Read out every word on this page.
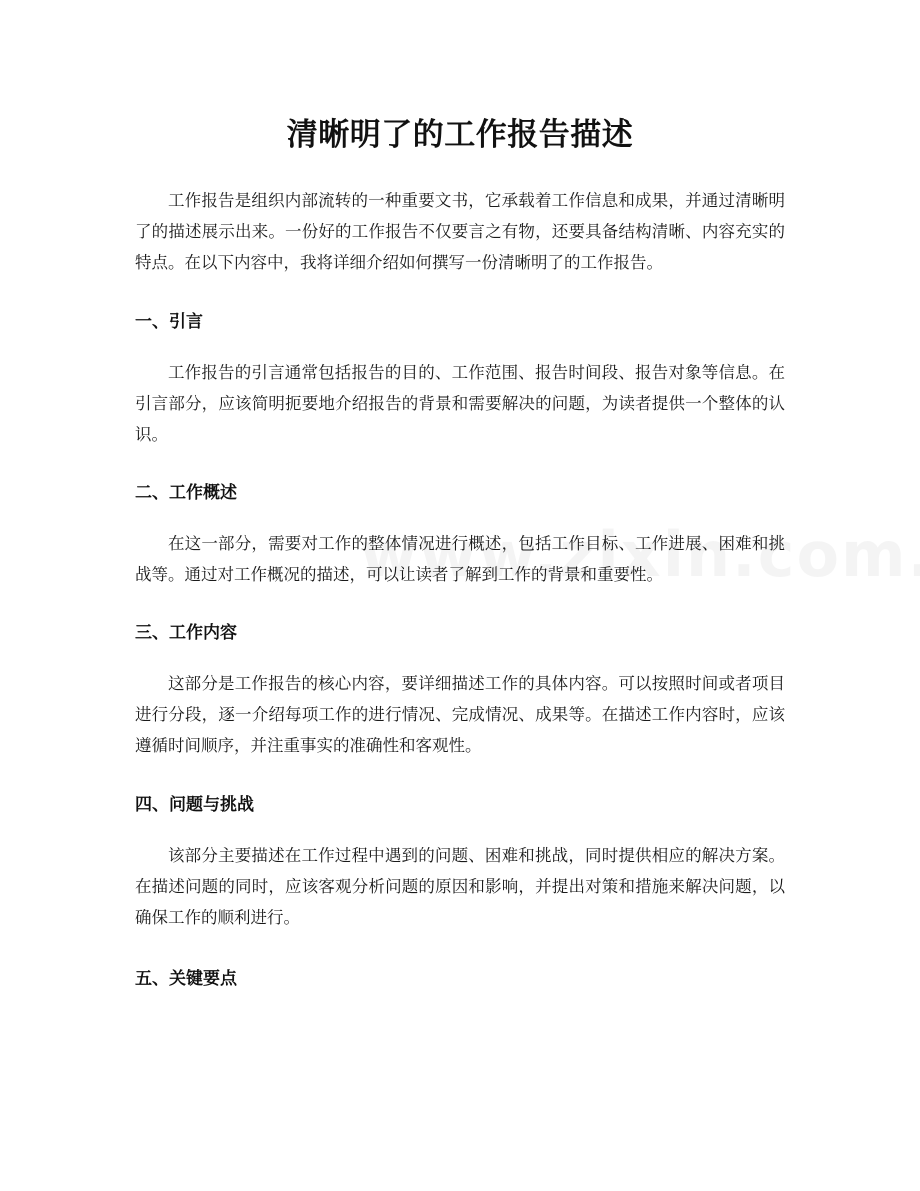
清晰明了的工作报告描述

工作报告是组织内部流转的一种重要文书，它承载着工作信息和成果，并通过清晰明了的描述展示出来。一份好的工作报告不仅要言之有物，还要具备结构清晰、内容充实的特点。在以下内容中，我将详细介绍如何撰写一份清晰明了的工作报告。

一、引言

工作报告的引言通常包括报告的目的、工作范围、报告时间段、报告对象等信息。在引言部分，应该简明扼要地介绍报告的背景和需要解决的问题，为读者提供一个整体的认识。

二、工作概述

在这一部分，需要对工作的整体情况进行概述，包括工作目标、工作进展、困难和挑战等。通过对工作概况的描述，可以让读者了解到工作的背景和重要性。

三、工作内容

这部分是工作报告的核心内容，要详细描述工作的具体内容。可以按照时间或者项目进行分段，逐一介绍每项工作的进行情况、完成情况、成果等。在描述工作内容时，应该遵循时间顺序，并注重事实的准确性和客观性。

四、问题与挑战

该部分主要描述在工作过程中遇到的问题、困难和挑战，同时提供相应的解决方案。在描述问题的同时，应该客观分析问题的原因和影响，并提出对策和措施来解决问题，以确保工作的顺利进行。

五、关键要点
